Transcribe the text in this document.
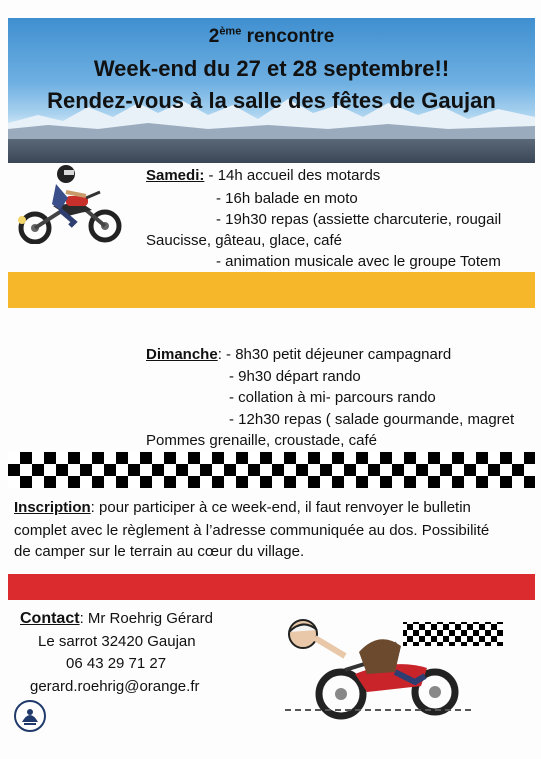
2ème rencontre
Week-end du 27 et 28 septembre!!
Rendez-vous à la salle des fêtes de Gaujan
Samedi: - 14h accueil des motards
- 16h balade en moto
- 19h30 repas (assiette charcuterie, rougail
Saucisse, gâteau, glace, café
- animation musicale avec le groupe Totem
Dimanche: - 8h30 petit déjeuner campagnard
- 9h30 départ rando
- collation à mi- parcours rando
- 12h30 repas ( salade gourmande, magret
Pommes grenaille, croustade, café
Inscription: pour participer à ce week-end, il faut renvoyer le bulletin
complet avec le règlement à l’adresse communiquée au dos. Possibilité
de camper sur le terrain au cœur du village.
Contact: Mr Roehrig Gérard
Le sarrot 32420 Gaujan
06 43 29 71 27
gerard.roehrig@orange.fr
